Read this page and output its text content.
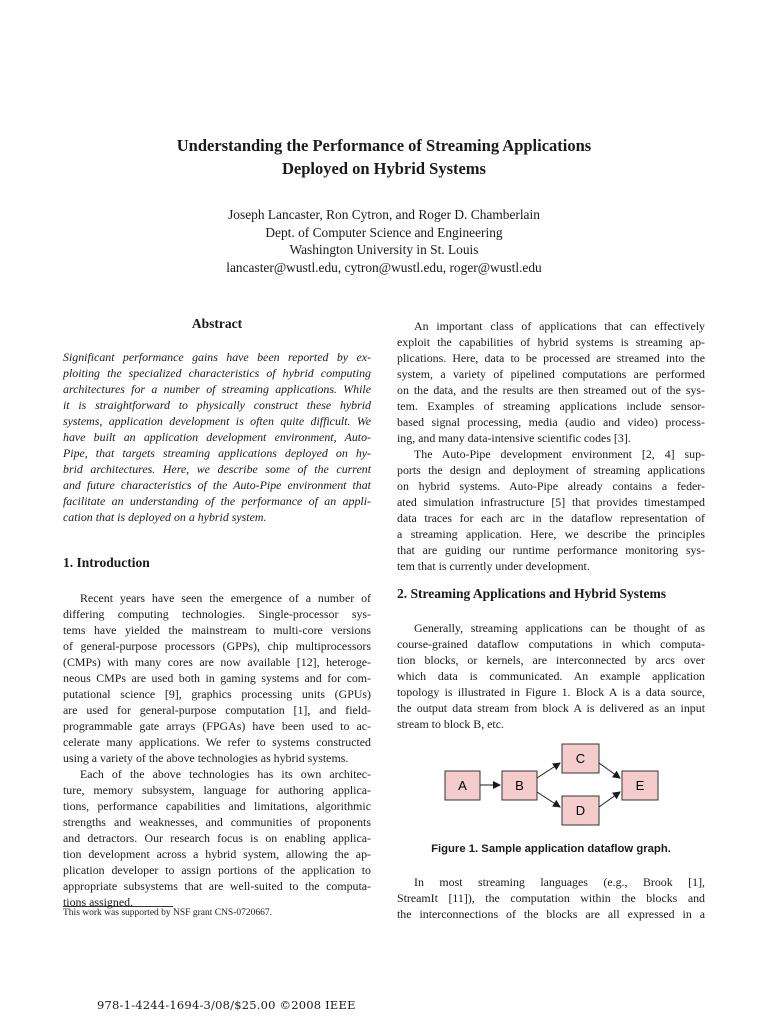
Understanding the Performance of Streaming Applications
Deployed on Hybrid Systems
Joseph Lancaster, Ron Cytron, and Roger D. Chamberlain
Dept. of Computer Science and Engineering
Washington University in St. Louis
lancaster@wustl.edu, cytron@wustl.edu, roger@wustl.edu
Abstract
Significant performance gains have been reported by ex-
ploiting the specialized characteristics of hybrid computing
architectures for a number of streaming applications. While
it is straightforward to physically construct these hybrid
systems, application development is often quite difficult. We
have built an application development environment, Auto-
Pipe, that targets streaming applications deployed on hy-
brid architectures. Here, we describe some of the current
and future characteristics of the Auto-Pipe environment that
facilitate an understanding of the performance of an appli-
cation that is deployed on a hybrid system.
1. Introduction
Recent years have seen the emergence of a number of
differing computing technologies. Single-processor sys-
tems have yielded the mainstream to multi-core versions
of general-purpose processors (GPPs), chip multiprocessors
(CMPs) with many cores are now available [12], heteroge-
neous CMPs are used both in gaming systems and for com-
putational science [9], graphics processing units (GPUs)
are used for general-purpose computation [1], and field-
programmable gate arrays (FPGAs) have been used to ac-
celerate many applications. We refer to systems constructed
using a variety of the above technologies as hybrid systems.
Each of the above technologies has its own architec-
ture, memory subsystem, language for authoring applica-
tions, performance capabilities and limitations, algorithmic
strengths and weaknesses, and communities of proponents
and detractors. Our research focus is on enabling applica-
tion development across a hybrid system, allowing the ap-
plication developer to assign portions of the application to
appropriate subsystems that are well-suited to the computa-
tions assigned.
This work was supported by NSF grant CNS-0720667.
An important class of applications that can effectively
exploit the capabilities of hybrid systems is streaming ap-
plications. Here, data to be processed are streamed into the
system, a variety of pipelined computations are performed
on the data, and the results are then streamed out of the sys-
tem. Examples of streaming applications include sensor-
based signal processing, media (audio and video) process-
ing, and many data-intensive scientific codes [3].
The Auto-Pipe development environment [2, 4] sup-
ports the design and deployment of streaming applications
on hybrid systems. Auto-Pipe already contains a feder-
ated simulation infrastructure [5] that provides timestamped
data traces for each arc in the dataflow representation of
a streaming application. Here, we describe the principles
that are guiding our runtime performance monitoring sys-
tem that is currently under development.
2. Streaming Applications and Hybrid Systems
Generally, streaming applications can be thought of as
course-grained dataflow computations in which computa-
tion blocks, or kernels, are interconnected by arcs over
which data is communicated. An example application
topology is illustrated in Figure 1. Block A is a data source,
the output data stream from block A is delivered as an input
stream to block B, etc.
A	B
C
D
E
Figure 1. Sample application dataflow graph.
In most streaming languages (e.g., Brook [1],
StreamIt [11]), the computation within the blocks and
the interconnections of the blocks are all expressed in a
978-1-4244-1694-3/08/$25.00 ©2008 IEEE
